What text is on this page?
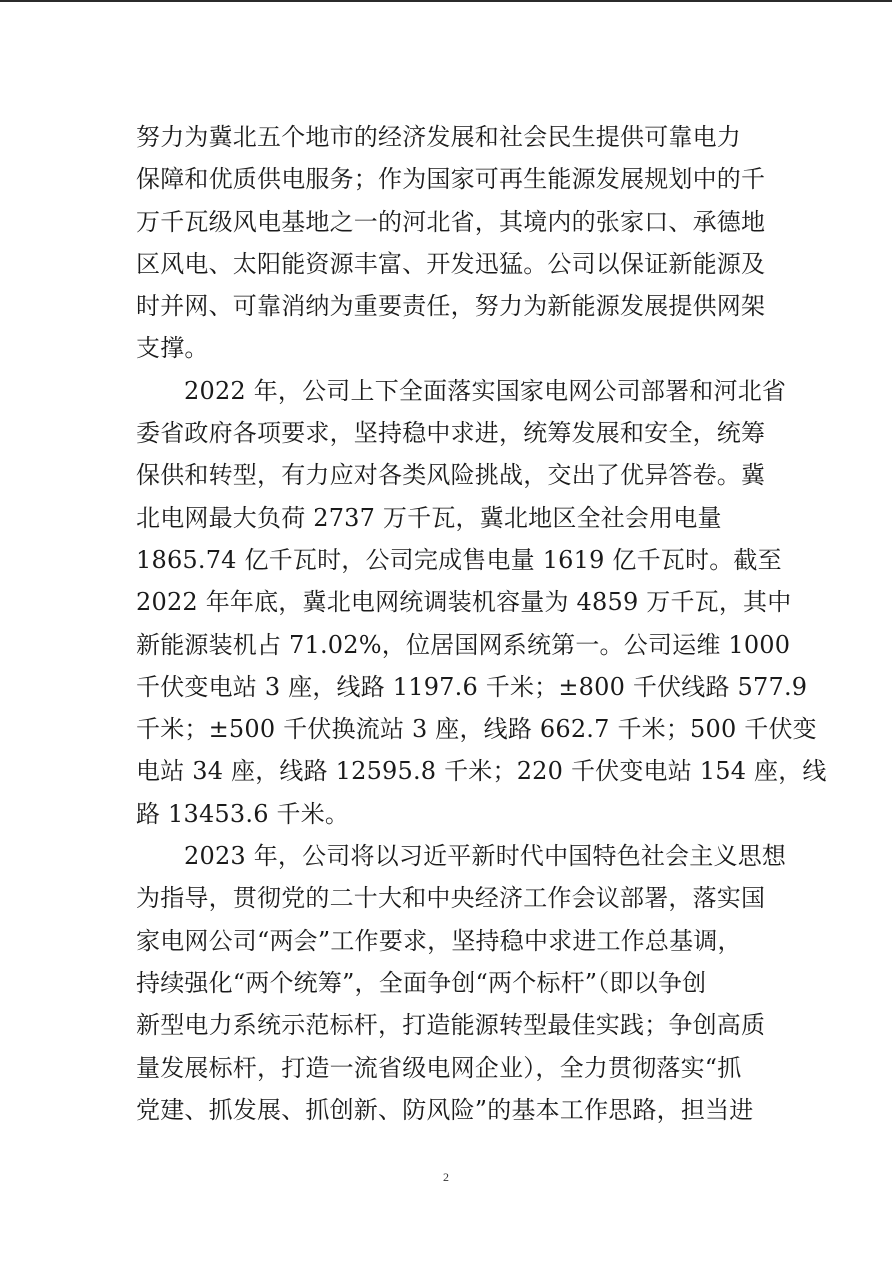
努力为冀北五个地市的经济发展和社会民生提供可靠电力
保障和优质供电服务；作为国家可再生能源发展规划中的千
万千瓦级风电基地之一的河北省，其境内的张家口、承德地
区风电、太阳能资源丰富、开发迅猛。公司以保证新能源及
时并网、可靠消纳为重要责任，努力为新能源发展提供网架
支撑。
2022 年，公司上下全面落实国家电网公司部署和河北省
委省政府各项要求，坚持稳中求进，统筹发展和安全，统筹
保供和转型，有力应对各类风险挑战，交出了优异答卷。冀
北电网最大负荷 2737 万千瓦，冀北地区全社会用电量
1865.74 亿千瓦时，公司完成售电量 1619 亿千瓦时。截至
2022 年年底，冀北电网统调装机容量为 4859 万千瓦，其中
新能源装机占 71.02%，位居国网系统第一。公司运维 1000
千伏变电站 3 座，线路 1197.6 千米；±800 千伏线路 577.9
千米；±500 千伏换流站 3 座，线路 662.7 千米；500 千伏变
电站 34 座，线路 12595.8 千米；220 千伏变电站 154 座，线
路 13453.6 千米。
2023 年，公司将以习近平新时代中国特色社会主义思想
为指导，贯彻党的二十大和中央经济工作会议部署，落实国
家电网公司“两会”工作要求，坚持稳中求进工作总基调，
持续强化“两个统筹”，全面争创“两个标杆”（即以争创
新型电力系统示范标杆，打造能源转型最佳实践；争创高质
量发展标杆，打造一流省级电网企业），全力贯彻落实“抓
党建、抓发展、抓创新、防风险”的基本工作思路，担当进
2
